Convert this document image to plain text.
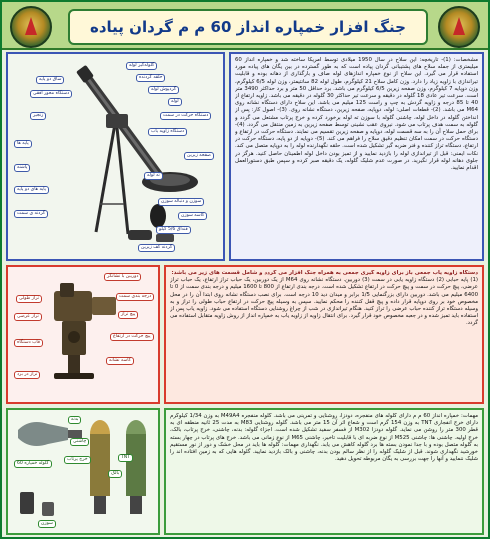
جنگ افزار خمپاره انداز 60 م م گردان پیاده
گلوله‌گیر لوله
حلقه گردنده
گردپوش لوله
لوله
دستگاه حرکت در سمت
ساق دو پایه
دستگاه محور افقی
زنجیر
پایه ها
پاشنه
پایه های دو پایه
گردنه ی سمت
دستگاه زاویه یاب
صفحه زیرین
سوزن و دنباله سوزن
کاسه سوزن
قنداق 5/6 کیلو
ته لوله
گردنه کف زیرین
مشخصات: (1)- تاریخچه: این سلاح در سال 1950 میلادی توسط آمریکا ساخته شد و خمپاره انداز 60 میلیمتری از جمله سلاح های پشتیبانی گردان پیاده است که به طور گسترده در بین یگان های پیاده مورد استفاده قرار می گیرد. این سلاح از نوع خمپاره اندازهای لوله صاف و بارگذاری از دهانه بوده و قابلیت تیراندازی با زاویه زیاد را دارد. وزن کامل سلاح 21 کیلوگرم، طول لوله 82 سانتیمتر، وزن لوله 6/5 کیلوگرم، وزن دوپایه 7 کیلوگرم، وزن صفحه زیرین 6/5 کیلوگرم می باشد. برد حداقل 50 متر و برد حداکثر 3490 متر است. سرعت تیر عادی 18 گلوله در دقیقه و سرعت تیر حداکثر 30 گلوله در دقیقه می باشد. زاویه ارتفاع از 40 تا 85 درجه و زاویه گردش به چپ و راست 125 میلیم می باشد. این سلاح دارای دستگاه نشانه روی M64 می باشد. (2)- قطعات اصلی: لوله، دوپایه، صفحه زیرین، دستگاه نشانه روی. (3)- اصول کار: پس از انداختن گلوله در داخل لوله، چاشنی گلوله با سوزن ته لوله برخورد کرده و خرج پرتاب مشتعل می گردد و گلوله به سمت هدف پرتاب می شود. نیروی عقب نشینی توسط صفحه زیرین به زمین منتقل می گردد. (4)- برای حمل سلاح آن را به سه قسمت لوله، دوپایه و صفحه زیرین تقسیم می نمایند. دستگاه حرکت در ارتفاع و دستگاه حرکت در سمت امکان تنظیم دقیق سلاح را فراهم می کند. (5)- دوپایه از دو پایه، دستگاه حرکت در ارتفاع، دستگاه تراز کننده و فنر ضربه گیر تشکیل شده است. حلقه نگهدارنده لوله را به دوپایه متصل می کند. نکات ایمنی: قبل از تیراندازی لوله را بازدید نمایید و از تمیز بودن داخل لوله اطمینان حاصل کنید. هرگز در جلوی دهانه لوله قرار نگیرید. در صورت عدم شلیک گلوله، یک دقیقه صبر کرده و سپس طبق دستورالعمل اقدام نمایید.
دوربین با نشانگر
درجه بندی سمت
پیچ تراز
تراز طولی
تراز عرضی
پیچ حرکت در ارتفاع
قاب دستگاه
کاسه نشانه
تراز در برد
دستگاه زاویه یاب جمعی باز برای زاویه گیری جمعی به همراه جنگ افزار می گردد و شامل قسمت های زیر می باشد:
(1) پایه حبابی (2) دستگاه زاویه یابی در سمت (3) دوربین. دستگاه نشانه روی M64 از یک دوربین، یک حباب تراز ارتفاع، یک حباب تراز عرضی، پیچ حرکت در سمت و پیچ حرکت در ارتفاع تشکیل شده است. درجه بندی ارتفاع از 800 تا 1600 میلیم و درجه بندی سمت از 0 تا 6400 میلیم می باشد. دوربین دارای بزرگنمایی 1/5 برابر و میدان دید 10 درجه است. برای نصب دستگاه نشانه روی ابتدا آن را در محل مخصوص خود بر روی دوپایه قرار داده و پیچ قفل کننده را محکم نمایید. سپس به وسیله پیچ حرکت در ارتفاع حباب طولی را تراز و به وسیله دستگاه تراز کننده حباب عرضی را تراز کنید. هنگام تیراندازی در شب از چراغ روشنایی دستگاه استفاده می شود. زاویه یاب پس از استفاده باید تمیز شده و در جعبه مخصوص خود قرار گیرد. برای انتقال زاویه از زاویه یاب به خمپاره انداز از روش زاویه متقابل استفاده می گردد.
بدنه
بالک
خرج پرتاب
چاشنی
TNT
گلوله خمپاره 60
سوزن
مهمات: خمپاره انداز 60 م م دارای گلوله های منفجره، دودزا، روشنایی و تمرینی می باشد. گلوله منفجره M49A4 به وزن 1/34 کیلوگرم دارای خرج انفجاری TNT به وزن 154 گرم است و شعاع اثر آن 15 متر می باشد. گلوله روشنایی M83 به مدت 25 ثانیه منطقه ای به قطر 300 متر را روشن می نماید. گلوله دودزا M302 از فسفر سفید تشکیل شده است. اجزاء گلوله: بدنه، چاشنی، خرج پرتاب، بالک، خرج اولیه. چاشنی ها: چاشنی M525 از نوع ضربه ای با قابلیت تاخیر، چاشنی M65 از نوع زمانی می باشد. خرج های پرتاب در چهار بسته به گلوله متصل بوده و با جدا نمودن بسته ها برد گلوله کاهش می یابد. نگهداری مهمات: گلوله ها باید در محل خشک و دور از نور مستقیم خورشید نگهداری شوند. قبل از شلیک گلوله را از نظر سالم بودن بدنه، چاشنی و بالک بازدید نمایید. گلوله هایی که به زمین افتاده اند را شلیک ننمایید و آنها را جهت بررسی به یگان مربوطه تحویل دهید.
